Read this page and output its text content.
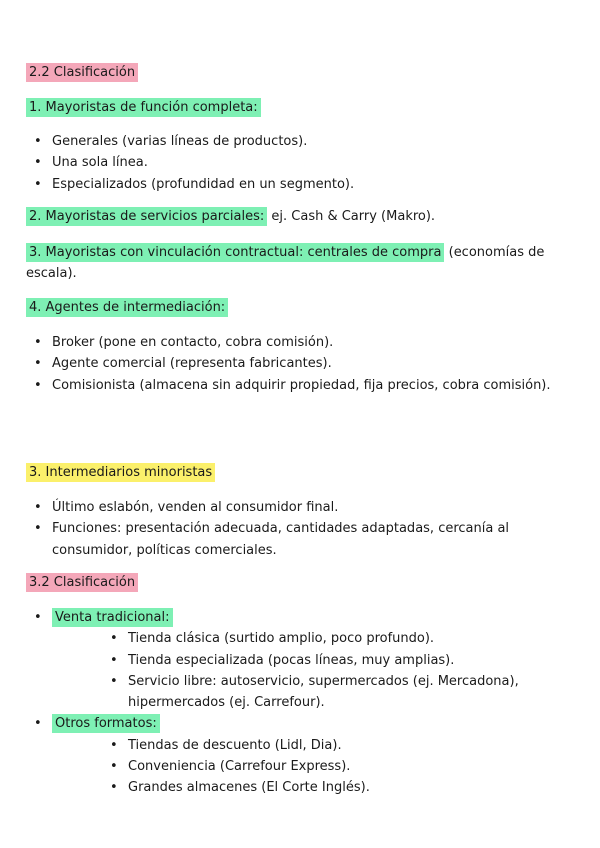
2.2 Clasificación
1. Mayoristas de función completa:
• Generales (varias líneas de productos).
• Una sola línea.
• Especializados (profundidad en un segmento).
2. Mayoristas de servicios parciales: ej. Cash & Carry (Makro).
3. Mayoristas con vinculación contractual: centrales de compra (economías de escala).
4. Agentes de intermediación:
• Broker (pone en contacto, cobra comisión).
• Agente comercial (representa fabricantes).
• Comisionista (almacena sin adquirir propiedad, fija precios, cobra comisión).
3. Intermediarios minoristas
• Último eslabón, venden al consumidor final.
• Funciones: presentación adecuada, cantidades adaptadas, cercanía al consumidor, políticas comerciales.
3.2 Clasificación
• Venta tradicional:
• Tienda clásica (surtido amplio, poco profundo).
• Tienda especializada (pocas líneas, muy amplias).
• Servicio libre: autoservicio, supermercados (ej. Mercadona), hipermercados (ej. Carrefour).
• Otros formatos:
• Tiendas de descuento (Lidl, Dia).
• Conveniencia (Carrefour Express).
• Grandes almacenes (El Corte Inglés).
